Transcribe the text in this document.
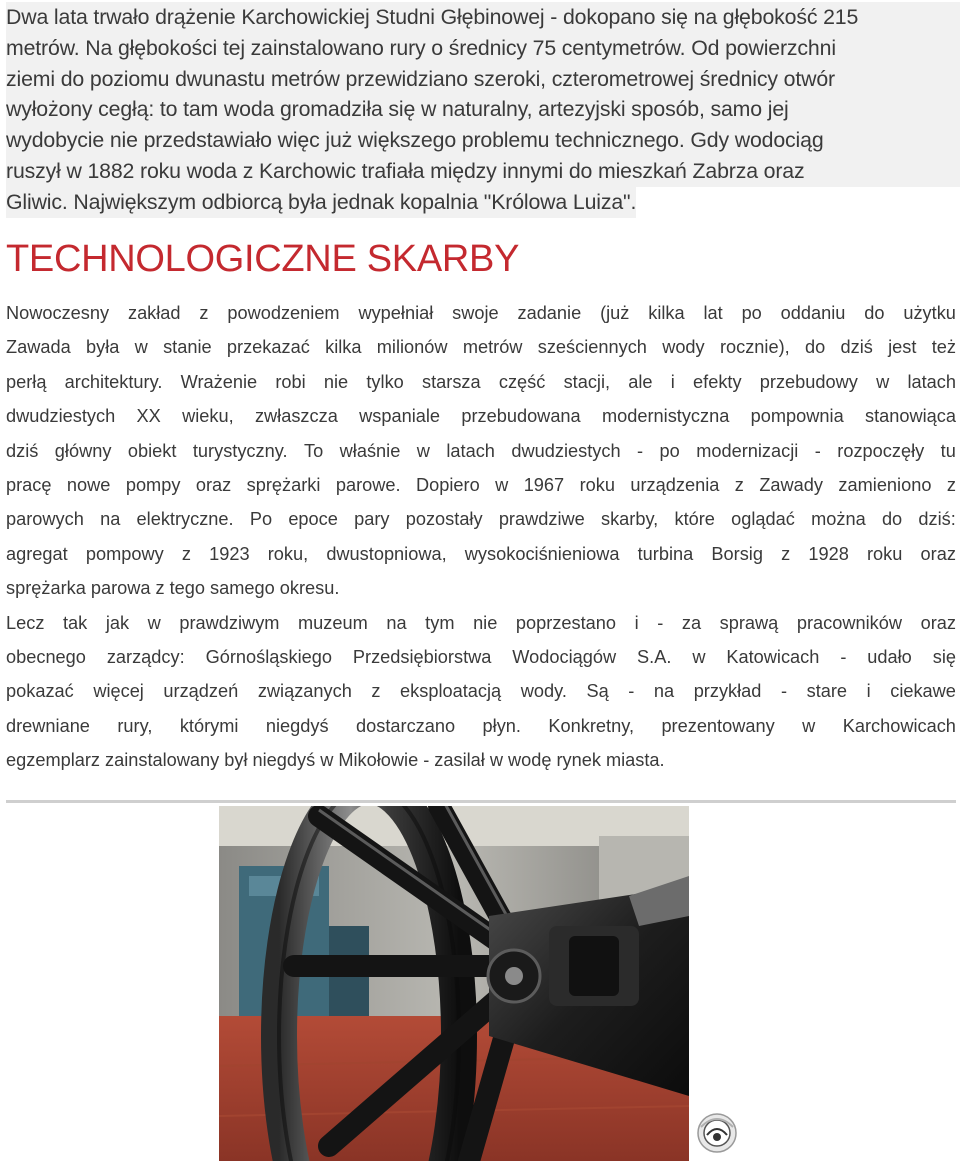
Dwa lata trwało drążenie Karchowickiej Studni Głębinowej - dokopano się na głębokość 215
metrów. Na głębokości tej zainstalowano rury o średnicy 75 centymetrów. Od powierzchni
ziemi do poziomu dwunastu metrów przewidziano szeroki, czterometrowej średnicy otwór
wyłożony cegłą: to tam woda gromadziła się w naturalny, artezyjski sposób, samo jej
wydobycie nie przedstawiało więc już większego problemu technicznego. Gdy wodociąg
ruszył w 1882 roku woda z Karchowic trafiała między innymi do mieszkań Zabrza oraz
Gliwic. Największym odbiorcą była jednak kopalnia "Królowa Luiza".
TECHNOLOGICZNE SKARBY
Nowoczesny zakład z powodzeniem wypełniał swoje zadanie (już kilka lat po oddaniu do użytku
Zawada była w stanie przekazać kilka milionów metrów sześciennych wody rocznie), do dziś jest też
perłą architektury. Wrażenie robi nie tylko starsza część stacji, ale i efekty przebudowy w latach
dwudziestych XX wieku, zwłaszcza wspaniale przebudowana modernistyczna pompownia stanowiąca
dziś główny obiekt turystyczny. To właśnie w latach dwudziestych - po modernizacji - rozpoczęły tu
pracę nowe pompy oraz sprężarki parowe. Dopiero w 1967 roku urządzenia z Zawady zamieniono z
parowych na elektryczne. Po epoce pary pozostały prawdziwe skarby, które oglądać można do dziś:
agregat pompowy z 1923 roku, dwustopniowa, wysokociśnieniowa turbina Borsig z 1928 roku oraz
sprężarka parowa z tego samego okresu.
Lecz tak jak w prawdziwym muzeum na tym nie poprzestano i - za sprawą pracowników oraz
obecnego zarządcy: Górnośląskiego Przedsiębiorstwa Wodociągów S.A. w Katowicach - udało się
pokazać więcej urządzeń związanych z eksploatacją wody. Są - na przykład - stare i ciekawe
drewniane rury, którymi niegdyś dostarczano płyn. Konkretny, prezentowany w Karchowicach
egzemplarz zainstalowany był niegdyś w Mikołowie - zasilał w wodę rynek miasta.
